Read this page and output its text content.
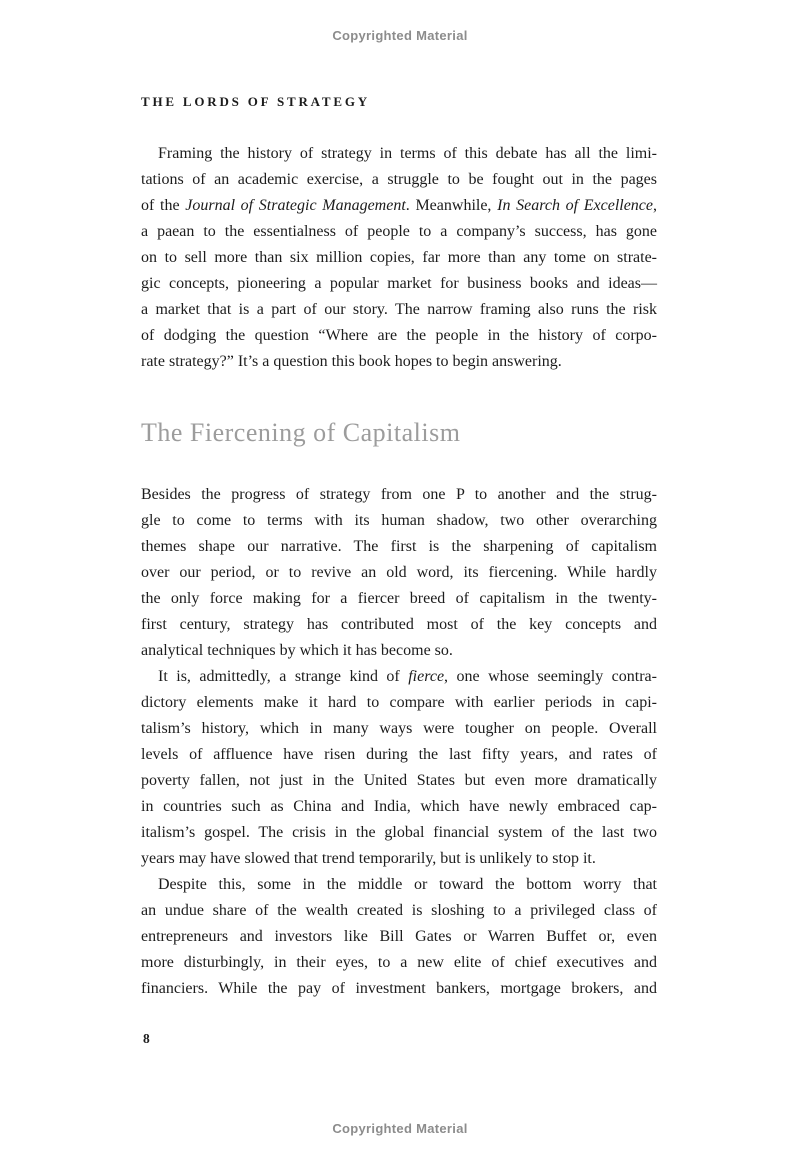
Copyrighted Material
THE LORDS OF STRATEGY
Framing the history of strategy in terms of this debate has all the limi-
tations of an academic exercise, a struggle to be fought out in the pages
of the Journal of Strategic Management. Meanwhile, In Search of Excellence,
a paean to the essentialness of people to a company’s success, has gone
on to sell more than six million copies, far more than any tome on strate-
gic concepts, pioneering a popular market for business books and ideas—
a market that is a part of our story. The narrow framing also runs the risk
of dodging the question “Where are the people in the history of corpo-
rate strategy?” It’s a question this book hopes to begin answering.
The Fiercening of Capitalism
Besides the progress of strategy from one P to another and the strug-
gle to come to terms with its human shadow, two other overarching
themes shape our narrative. The first is the sharpening of capitalism
over our period, or to revive an old word, its fiercening. While hardly
the only force making for a fiercer breed of capitalism in the twenty-
first century, strategy has contributed most of the key concepts and
analytical techniques by which it has become so.
It is, admittedly, a strange kind of fierce, one whose seemingly contra-
dictory elements make it hard to compare with earlier periods in capi-
talism’s history, which in many ways were tougher on people. Overall
levels of affluence have risen during the last fifty years, and rates of
poverty fallen, not just in the United States but even more dramatically
in countries such as China and India, which have newly embraced cap-
italism’s gospel. The crisis in the global financial system of the last two
years may have slowed that trend temporarily, but is unlikely to stop it.
Despite this, some in the middle or toward the bottom worry that
an undue share of the wealth created is sloshing to a privileged class of
entrepreneurs and investors like Bill Gates or Warren Buffet or, even
more disturbingly, in their eyes, to a new elite of chief executives and
financiers. While the pay of investment bankers, mortgage brokers, and
8
Copyrighted Material
